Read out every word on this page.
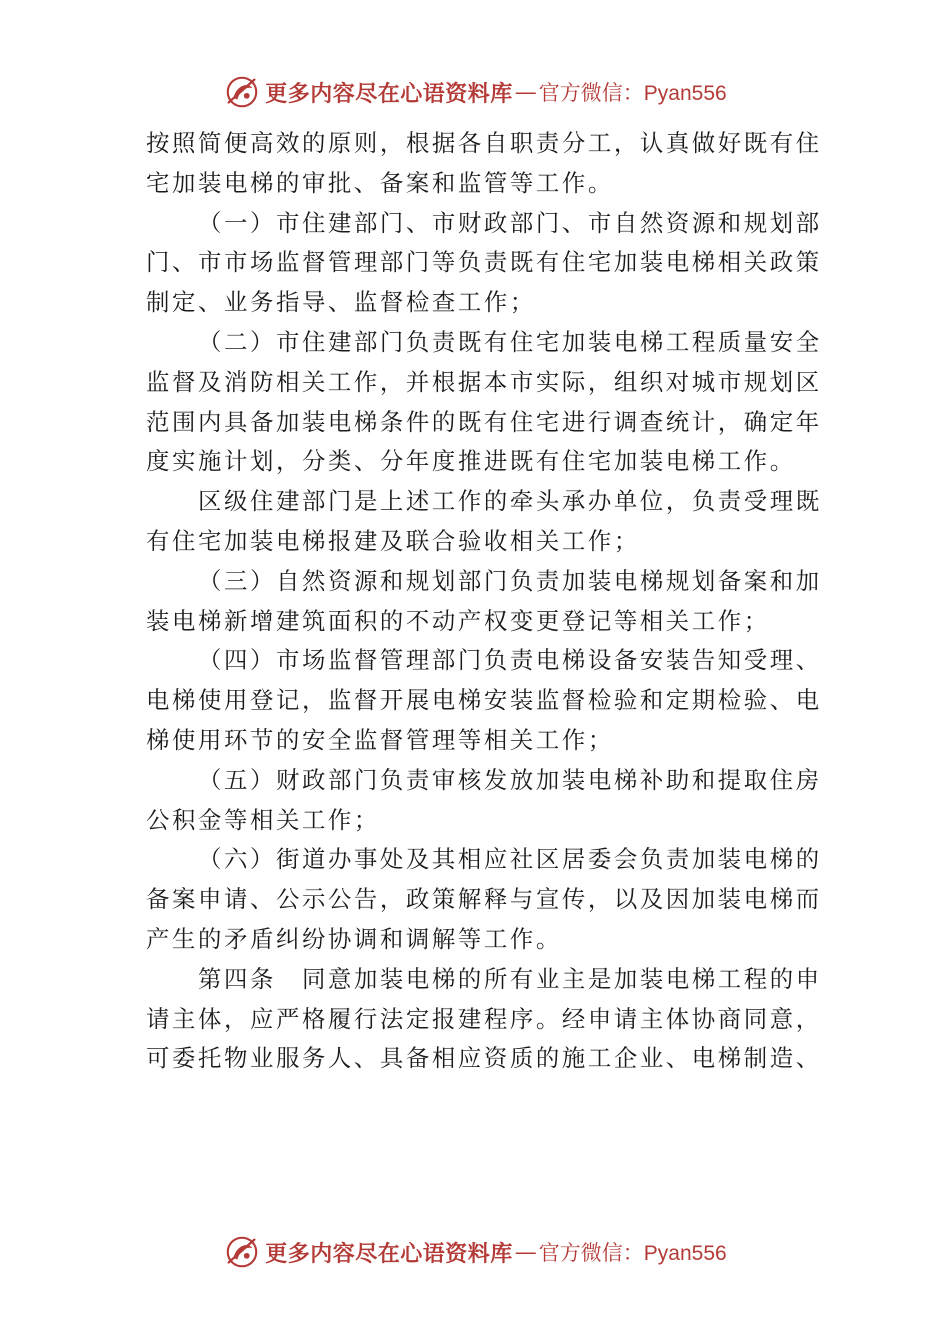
更多内容尽在心语资料库 — 官方微信：Pyan556
按照简便高效的原则，根据各自职责分工，认真做好既有住
宅加装电梯的审批、备案和监管等工作。
（一）市住建部门、市财政部门、市自然资源和规划部
门、市市场监督管理部门等负责既有住宅加装电梯相关政策
制定、业务指导、监督检查工作；
（二）市住建部门负责既有住宅加装电梯工程质量安全
监督及消防相关工作，并根据本市实际，组织对城市规划区
范围内具备加装电梯条件的既有住宅进行调查统计，确定年
度实施计划，分类、分年度推进既有住宅加装电梯工作。
区级住建部门是上述工作的牵头承办单位，负责受理既
有住宅加装电梯报建及联合验收相关工作；
（三）自然资源和规划部门负责加装电梯规划备案和加
装电梯新增建筑面积的不动产权变更登记等相关工作；
（四）市场监督管理部门负责电梯设备安装告知受理、
电梯使用登记，监督开展电梯安装监督检验和定期检验、电
梯使用环节的安全监督管理等相关工作；
（五）财政部门负责审核发放加装电梯补助和提取住房
公积金等相关工作；
（六）街道办事处及其相应社区居委会负责加装电梯的
备案申请、公示公告，政策解释与宣传，以及因加装电梯而
产生的矛盾纠纷协调和调解等工作。
第四条　同意加装电梯的所有业主是加装电梯工程的申
请主体，应严格履行法定报建程序。经申请主体协商同意，
可委托物业服务人、具备相应资质的施工企业、电梯制造、
更多内容尽在心语资料库 — 官方微信：Pyan556
